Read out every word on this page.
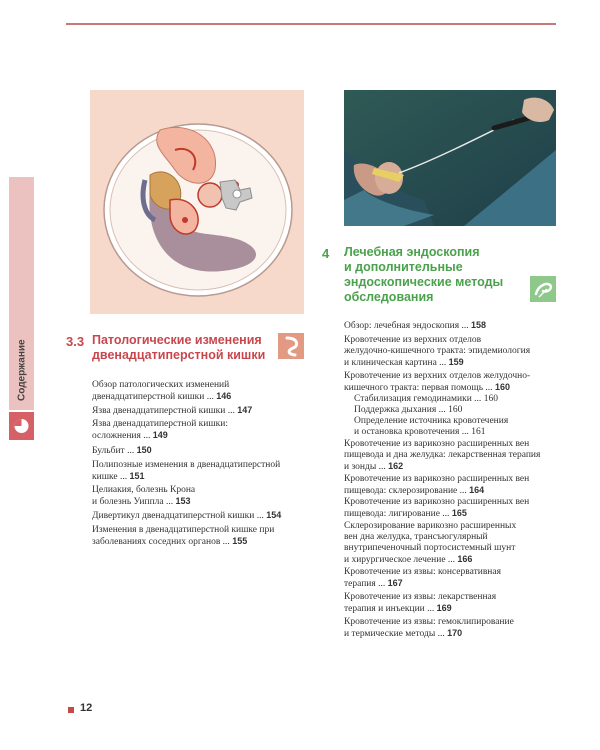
Содержание	3.3 Патологические изменения
двенадцатиперстной кишки
Обзор патологических изменений
двенадцатиперстной кишки ... 146
Язва двенадцатиперстной кишки ... 147
Язва двенадцатиперстной кишки:
осложнения ... 149
Бульбит ... 150
Полипозные изменения в двенадцатиперстной
кишке ... 151
Целиакия, болезнь Крона
и болезнь Уиппла ... 153
Дивертикул двенадцатиперстной кишки ... 154
Изменения в двенадцатиперстной кишке при
заболеваниях соседних органов ... 155
4 Лечебная эндоскопия
и дополнительные
эндоскопические методы
обследования
Обзор: лечебная эндоскопия ... 158
Кровотечение из верхних отделов
желудочно-кишечного тракта: эпидемиология
и клиническая картина ... 159
Кровотечение из верхних отделов желудочно-
кишечного тракта: первая помощь ... 160
Стабилизация гемодинамики ... 160
Поддержка дыхания ... 160
Определение источника кровотечения
и остановка кровотечения ... 161
Кровотечение из варикозно расширенных вен
пищевода и дна желудка: лекарственная терапия
и зонды ... 162
Кровотечение из варикозно расширенных вен
пищевода: склерозирование ... 164
Кровотечение из варикозно расширенных вен
пищевода: лигирование ... 165
Склерозирование варикозно расширенных
вен дна желудка, трансъюгулярный
внутрипеченочный портосистемный шунт
и хирургическое лечение ... 166
Кровотечение из язвы: консервативная
терапия ... 167
Кровотечение из язвы: лекарственная
терапия и инъекции ... 169
Кровотечение из язвы: гемоклипирование
и термические методы ... 170
12
